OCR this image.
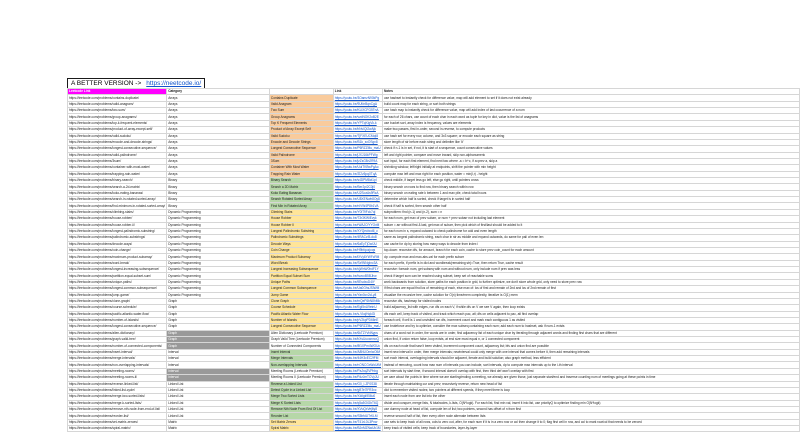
A BETTER VERSION -> https://neetcode.io/
Leetcode Link	Category		Link	Notes
https://leetcode.com/problems/contains-duplicate/	Arrays	Contains Duplicate	https://youtu.be/3OamzN90kPg	use hashset to instantly check for difference value, map will add element to set if it does not exist already
https://leetcode.com/problems/valid-anagram/	Arrays	Valid Anagram	https://youtu.be/9UtInBqnCgA	build count map for each string, or sort both strings
https://leetcode.com/problems/two-sum/	Arrays	Two Sum	https://youtu.be/KLlXCFG5TnA	use hash map to instantly check for difference value, map will add index of last occurrence of a num
https://leetcode.com/problems/group-anagrams/	Arrays	Group Anagrams	https://youtu.be/vzdNOK2oB2E	for each of 26 chars, use count of each char in each word as tuple for key in dict, value is the list of anagrams
https://leetcode.com/problems/top-k-frequent-elements/	Arrays	Top K Frequent Elements	https://youtu.be/YPTqKIgVk-k	use bucket sort, array index is frequency, values are elements
https://leetcode.com/problems/product-of-array-except-self/	Arrays	Product of Array Except Self	https://youtu.be/bNvIQI2wAjk	make two passes, first in-order, second in-reverse, to compute products
https://leetcode.com/problems/valid-sudoku/	Arrays	Valid Sudoku	https://youtu.be/TjFXEUCMqI8	use hash set for every row, column, and 3x3 square; or encode each square as string
https://leetcode.com/problems/encode-and-decode-strings/	Arrays	Encode and Decode Strings	https://youtu.be/B1k_sxOSgv8	store length of str before each string and delimiter like '#'
https://leetcode.com/problems/longest-consecutive-sequence/	Arrays	Longest Consecutive Sequence	https://youtu.be/P6RZZMu_maU	check if n-1 is in set, if not, it is start of a sequence, count consecutive values
https://leetcode.com/problems/valid-palindrome/	Arrays	Valid Palindrome	https://youtu.be/jJXJ16kPFWg	left and right pointer, compare and move inward, skip non-alphanumeric
https://leetcode.com/problems/3sum/	Arrays	3Sum	https://youtu.be/jzZsG8n2R9A	sort input, for each first element, find next two where -a = b+c, if a=prev a, skip a
https://leetcode.com/problems/container-with-most-water/	Arrays	Container With Most Water	https://youtu.be/UuiTKBwPgAo	shrinking window, left/right initially at endpoints, shift the pointer with min height
https://leetcode.com/problems/trapping-rain-water/	Arrays	Trapping Rain Water	https://youtu.be/ZI2z5pq0TqA	compute max left and max right for each position, water = min(l,r) - height
https://leetcode.com/problems/binary-search/	Binary	Binary Search	https://youtu.be/s4DPM8ct1pI	check middle, if target less go left, else go right, until pointers cross
https://leetcode.com/problems/search-a-2d-matrix/	Binary	Search a 2D Matrix	https://youtu.be/Ber2pi2C0j0	binary search on rows to find row, then binary search within row
https://leetcode.com/problems/koko-eating-bananas/	Binary	Koko Eating Bananas	https://youtu.be/U2SozAs9RzA	binary search on eating rate k between 1 and max pile, check total hours
https://leetcode.com/problems/search-in-rotated-sorted-array/	Binary	Search Rotated Sorted Array	https://youtu.be/U8XENwh8Oy8	determine which half is sorted, check if target is in sorted half
https://leetcode.com/problems/find-minimum-in-rotated-sorted-array/	Binary	Find Min in Rotated Array	https://youtu.be/nIVW4P8b1VA	check if half is sorted, then search other half
https://leetcode.com/problems/climbing-stairs/	Dynamic Programming	Climbing Stairs	https://youtu.be/Y0lT9Fck7qI	subproblem: find (n-1) and (n-2), sum = n
https://leetcode.com/problems/house-robber/	Dynamic Programming	House Robber	https://youtu.be/73r3KWiEvyk	for each num, get max of prev subarr, or num + prev subarr not including last element
https://leetcode.com/problems/house-robber-ii/	Dynamic Programming	House Robber II	https://youtu.be/rWAJCfYYOvM	subarr = arr without first & last, get max of subarr, then pick which of first/last should be added to it
https://leetcode.com/problems/longest-palindromic-substring/	Dynamic Programming	Longest Palindromic Substring	https://youtu.be/XYQecbcd6_c	for each num in s, expand outward to check palindrome for odd and even length
https://leetcode.com/problems/palindromic-substrings/	Dynamic Programming	Palindromic Substrings	https://youtu.be/4RACzI5-du8	same as longest palindromic string, each char in str as middle and expand outwards, do same for pali of even len
https://leetcode.com/problems/decode-ways/	Dynamic Programming	Decode Ways	https://youtu.be/6aEyTjOwlJU	can cache for dp by storing how many ways to decode from index i
https://leetcode.com/problems/coin-change/	Dynamic Programming	Coin Change	https://youtu.be/H9bfqozjoqs	top-down: recursive dfs, for amount, branch for each coin, cache to store prev coin_count for each amount
https://leetcode.com/problems/maximum-product-subarray/	Dynamic Programming	Maximum Product Subarray	https://youtu.be/lXVy6YWFcRM	dp: compute max and max-abs-val for each prefix subarr
https://leetcode.com/problems/word-break/	Dynamic Programming	Word Break	https://youtu.be/Sx9NNgInc3A	for each prefix, if prefix is in dict and wordbreak(remaining str)=True, then return True, cache result
https://leetcode.com/problems/longest-increasing-subsequence/	Dynamic Programming	Longest Increasing Subsequence	https://youtu.be/cjWnW0hdF1Y	recursive: foreach num, get subseq with num and without num, only include num if prev was less
https://leetcode.com/problems/partition-equal-subset-sum/	Dynamic Programming	Partition Equal Subset Sum	https://youtu.be/IsvocB5BJhw	check if target sum can be reached using subset, keep set of reachable sums
https://leetcode.com/problems/unique-paths/	Dynamic Programming	Unique Paths	https://youtu.be/IlEsdxuD4lY	work backwards from solution, store paths for each position in grid, to further optimize, we don't store whole grid, only need to store prev row
https://leetcode.com/problems/longest-common-subsequence/	Dynamic Programming	Longest Common Subsequence	https://youtu.be/Ua0GhsJSlWM	if first chars are equal find lcs of remaining of each, else max of: lcs of first and remain of 2nd and lcs of 2nd remain of first
https://leetcode.com/problems/jump-game/	Dynamic Programming	Jump Game	https://youtu.be/Yan0cv2cLy8	visualize the recursive tree, cache solution for O(n) time/mem complexity, iterative is O(1) mem
https://leetcode.com/problems/clone-graph/	Graph	Clone Graph	https://youtu.be/mQeF6bN8hMk	recursive dfs, hashmap for visited nodes
https://leetcode.com/problems/course-schedule/	Graph	Course Schedule	https://youtu.be/EgI5nU9etnU	build adjacency_list with edges, run dfs on each V, if while dfs on V we see V again, then loop exists
https://leetcode.com/problems/pacific-atlantic-water-flow/	Graph	Pacific Atlantic Water Flow	https://youtu.be/s-VkcjHqkGI	dfs each cell, keep track of visited, and track which reach pac, atl; dfs on cells adjacent to pac, atl find overlap
https://leetcode.com/problems/number-of-islands/	Graph	Number of Islands	https://youtu.be/pV2kpPD66nE	foreach cell, if cell is 1 and unvisited run dfs, increment count and mark each contiguous 1 as visited
https://leetcode.com/problems/longest-consecutive-sequence/	Graph	Longest Consecutive Sequence	https://youtu.be/P6RZZMu_maU	use bruteforce and try to optimize, consider the max subseq containing each num; add each num to hashset, ask if num-1 exists
https://leetcode.com/problems/alien-dictionary/	Graph	Alien Dictionary (Leetcode Premium)	https://youtu.be/6kTZYvNNyps	chars of a word not in order, the words are in order, find adjacency list of each unique char by iterating through adjacent words and finding first chars that are different
https://leetcode.com/problems/graph-valid-tree/	Graph	Graph Valid Tree (Leetcode Premium)	https://youtu.be/bXsUuownnoQ	union find, if union return false, loop exists, at end size must equal n, or 1 connected component
https://leetcode.com/problems/number-of-connected-components/	Graph	Number of Connected Components	https://youtu.be/8f1XPm4WOUc	dfs on each node that hasn't been visited, increment component count, adjacency list; bfs and union find are possible
https://leetcode.com/problems/insert-interval/	Interval	Insert Interval	https://youtu.be/A8NUOmlwOlM	insert new interval in order, then merge intervals; newinterval could only merge with one interval that comes before it, then add remaining intervals
https://leetcode.com/problems/merge-intervals/	Interval	Merge Intervals	https://youtu.be/44H3cEC2fFM	sort each interval, overlapping intervals should be adjacent, iterate and build solution; also graph method, less efficient
https://leetcode.com/problems/non-overlapping-intervals/	Interval	Non-overlapping Intervals	https://youtu.be/nONCGxWoUfM	instead of removing, count how max num of intervals you can include, sort intervals, dp to compute max intervals up to the i-th interval
https://leetcode.com/problems/meeting-rooms/	Interval	Meeting Rooms (Leetcode Premium)	https://youtu.be/PaJxqZVPhbg	sort intervals by start time, if second interval doesn't overlap with first, then third def won't overlap with first
https://leetcode.com/problems/meeting-rooms-ii/	Interval	Meeting Rooms II (Leetcode Premium)	https://youtu.be/FdzJmTCVyJU	we care about the points in time where we are starting/ending a meeting, we already are given those, just separate start/end and traverse counting num of meetings going at these points in time
https://leetcode.com/problems/reverse-linked-list/	Linked List	Reverse a Linked List	https://youtu.be/G0_I-ZF0S38	iterate through maintaining cur and prev; recursively reverse, return new head of list
https://leetcode.com/problems/linked-list-cycle/	Linked List	Detect Cycle in a Linked List	https://youtu.be/gBTe7lFR3vc	dict to remember visited nodes; two pointers at different speeds, if they meet there is loop
https://leetcode.com/problems/merge-two-sorted-lists/	Linked List	Merge Two Sorted Lists	https://youtu.be/XIdigk956u0	insert each node from one list into the other
https://leetcode.com/problems/merge-k-sorted-lists/	Linked List	Merge K Sorted Lists	https://youtu.be/q5a5OiGbT6Q	divide and conquer, merge lists, N totalnodes, k-lists, O(N*logk). For each list, find min val, insert it into list, use priorityQ to optimize finding min O(N*logk)
https://leetcode.com/problems/remove-nth-node-from-end-of-list/	Linked List	Remove Nth Node From End Of List	https://youtu.be/XVuQxVej6y8	use dummy node at head of list, compute len of list; two pointers, second has offset of n from first
https://leetcode.com/problems/reorder-list/	Linked List	Reorder List	https://youtu.be/S5bfdUTrKLM	reverse second half of list, then every other node alternate between lists
https://leetcode.com/problems/set-matrix-zeroes/	Matrix	Set Matrix Zeroes	https://youtu.be/T41rL0L3Pnw	use sets to keep track of all rows, cols to zero out, after, for each num if it is in a zero row or col then change it to 0; flag first cell in row, and col to mark row/col that needs to be zeroed
https://leetcode.com/problems/spiral-matrix/	Matrix	Spiral Matrix	https://youtu.be/BJnMZNwUk1M	keep track of visited cells; keep track of boundaries, layer-by-layer
